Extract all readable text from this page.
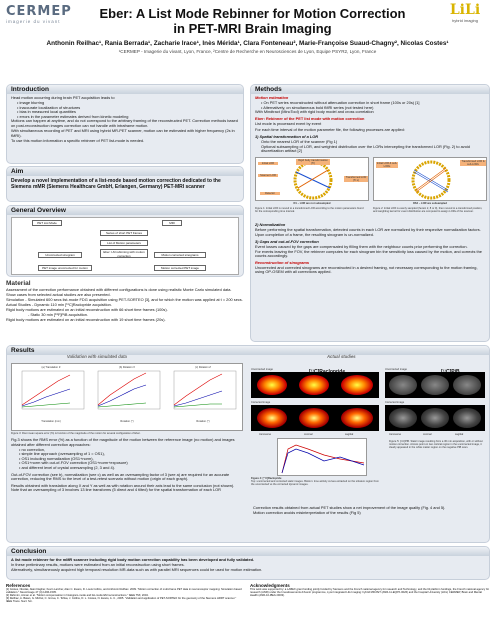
CERMEP
imagerie du vivant
LiLi
hybrid imaging
Eber: A List Mode Rebinner for Motion Correction
in PET-MRI Brain Imaging
Anthonin Reilhac¹, Rania Berrada¹, Zacharie Irace¹, Inès Mérida¹, Clara Fonteneau², Marie-Françoise Suaud-Chagny², Nicolas Costes¹
¹CERMEP - Imagerie du vivant, Lyon, France, ²Centre de Recherche en Neurosciences de Lyon, Equipe PSYR2, Lyon, France
Introduction

Head motion occurring during brain PET acquisition leads to

• image blurring
• inaccurate localization of structures
• bias in measured local quantities
• errors in the parameter estimates derived from kinetic modeling

Motions can happen at anytime, and do not correspond to the arbitrary framing of the reconstructed PET. Correction methods based on post-reconstruction images correction can not handle with intraframe motion.

With simultaneous recording of PET and MRI using hybrid MR-PET scanner, motion can be estimated with higher frequency (2s in fMRI).

To use this motion information a specific rebinner of PET list-mode is needed.

Aim
Develop a novel implementation of a list-mode based motion correction dedicated to the Siemens mMR (Siemens Healthcare GmbH, Erlangen, Germany) PET-MRI scanner
General Overview
PET List Mode	MRI
Series of short PET frames
List of Motion parameters
Eber: LM rebinning with motion correction
Uncorrected sinogram	Motion corrected sinograms
PET image uncorrected for motion	Motion corrected PET image
Material

Assessment of the correction performance obtained with different configurations is done using realistic Monte Carlo simulated data.

Show cases from selected actual studies are also presented.

Simulation - Simulated 600 secs list-mode FDG acquisition using PET-SORTEO [3], and for which the motion was applied at t = 200 secs.

Actual Studies - Dynamic 110 min [¹¹C]Raclopride acquisition.

Rigid body motions are estimated on an initial reconstruction with 66 short time frames (100s).

- Static 30 min [¹⁸F]PiB acquisition.

Rigid body motions are estimated on an initial reconstruction with 19 short time frames (20s).

Methods

Motion estimation

• On PET series reconstructed without attenuation correction in short frame (100s or 20s) [1]
• Alternatively, on simultaneous bold fMRI series (not tested here)

With Mindtract (MincTool) with rigid body model and cross correlation

Eber: Rebinner of the PET list mode with motion correction

List mode is processed event by event

For each time interval of the motion parameter file, the following processes are applied:

1) Spatial transformation of a LOR

Onto the nearest LOR of the scanner (Fig 1)
Optional subsampling of LOR, and weighted distribution over the LORs intercepting the transformed LOR (Fig. 2) to avoid discretization artifact [2]
Initial LOR
Scanner LOR
Rigid body transformation (Tr)
Transformed LOR (Tr.L)
Detector
Initial LOR & sub-LORs
Transformed LOR & sub-LORs
D1 – LOR are not subsampled	DS4 – LOR are subsampled
Figure 1: Initial LOR is moved to a transformed LOR according to the motion parameters found for the corresponding time interval.
Figure 2: Initial LOR is evenly sampled (herein 2, 8 or 9), then moved to a transformed position, and weighting kernel for event distribution are computed to assign LORs of the scanner.

2) Normalization

Before performing the spatial transformation, detected counts in each LOR are normalized by their respective normalization factors.

Upon completion of a frame, the resulting sinogram is un-normalized.

3) Gaps and out-of-FOV correction

Event losses caused by the gaps are compensated by filling them with the neighbour counts prior performing the correction.

For events leaving the FOV, the rebinner computes for each sinogram bin the sensitivity loss caused by the motion, and corrects the counts accordingly.

Reconstruction of sinograms

Uncorrected and corrected sinograms are reconstructed in a desired framing, not necessary corresponding to the motion framing, using OP-OSEM with all corrections applied.

Results
Validation with simulated data	Actual studies
(a) Translation Z
Translation (mm)
(b) Rotation X
Rotation (°)
(c) Rotation Z
Rotation (°)
Figure 3: Root mean square error (%) is function of the magnitude of the motion for several configuration of Eber.

Fig.3 shows the RMS error (%) as a function of the magnitude of the motion between the reference image (no motion) and images obtained after different correction approaches:

• no correction,
• simple line approach (oversampling of 1 = OS1),
• OS1 including normalization (OS1+norm),
• OS1+norm with out-of-FOV correction (OS1+norm+exposure)
• and different level of crystal oversampling (2, 3 and 4).

Out-of-FOV correction (see b), normalization (see c) as well as an oversampling factor of 3 (see a) are required for an accurate correction, reducing the RMS to the level of a test-retest scenario without motion (origin of each graph).

Results obtained with translation along X and Y as well as with rotation around their axis lead to the same conclusion (not shown). Note that an oversampling of 3 involves 13 line transforms (5 direct and 4 tilted) for the spatial transformation of each LOR

Uncorrected image
Corrected image
transverse	coronal	sagittal
Figure 4: [¹¹C]Raclopride
Top: uncorrected and corrected static images. Bottom: time activity curves extracted on the striatum region from the uncorrected vs the corrected dynamic images.
Uncorrected image
Corrected image
transverse	coronal	sagittal
Figure 5: [¹¹C]PiB. Static image resulting from a 30 min acquisition, with or without motion correction. Arrows point on two cortical region in the uncorrected image, it clearly appeared in the white matter region on the negative PiB scan.

Correction results obtained from actual PET studies show a net improvement of the image quality (Fig. 4 and 5).

Motion correction avoids misinterpretation of the results (Fig 5)

Conclusion

A list mode rebinner for the mMR scanner including rigid body motion correction capability has been developed and fully validated.

In these preliminary results, motions were estimated from an initial reconstruction using short frames.

Alternatively, simultaneously acquired high temporal resolution MR-data such as with parallel MRI sequences could be used for motion estimation.

References
[1] Costes, Nicolas, Alain Dagher, Kevin Larcher, Alan C. Evans, D. Louis Collins, and Anthonin Reilhac. 2009. "Motion correction of multi-frame PET data in neuroreceptor mapping: Simulation based validation." NeuroImage 47 (4):1496-1505.
[2] Rahmim, Arman et al. "Motion compensation in histogram-mode and list-mode EM reconstructions." IEEE TMI, 2004.
[3] Reilhac, A. Batan, G. Michel, C. Grova, C. Tohka, J. Collins, D. L. Costes, N. Evans, A. C., 2005. "Validation and application of PET-SORTEO for the geometry of the Siemens HRRT scanner." IEEE Trans. Nucl. Sci.
Acknowledgments
This work was supported by: a LABEX grant funding jointly funded by Siemens and the French national agency for research and Technology, and the lili platform fundings, the French national agency for research (ANR) under the Investissements d'Avenir programme, Lyon Integrated Life Imaging: hybrid MR-PET (ANR-11-EQPX-0026) and the hospital University (HCL) CERMEP, Brain and Mental Health (ANR-10-IBHU-0003).
